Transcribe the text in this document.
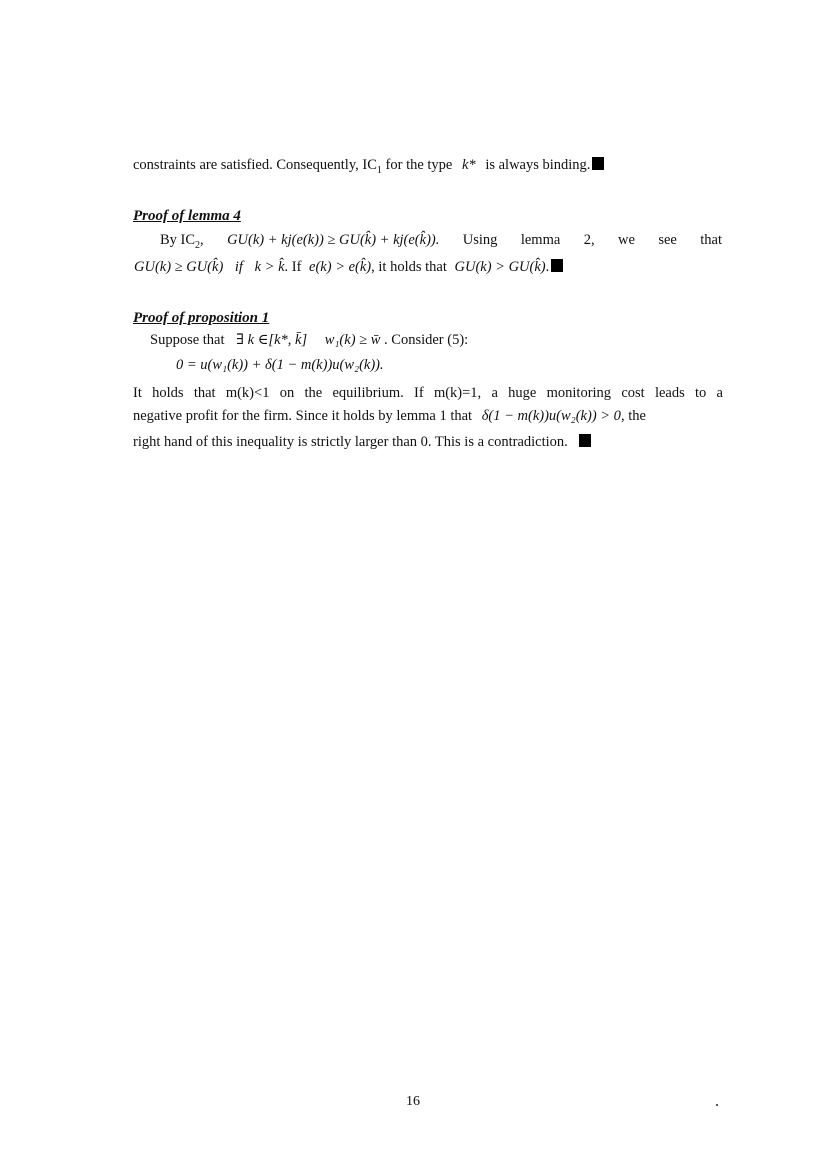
constraints are satisfied. Consequently, $IC_1$ for the type k* is always binding.
Proof of lemma 4
By $IC_2$, GU(k) + kj(e(k)) ≥ GU(k̂) + kj(e(k̂)). Using lemma 2, we see that
GU(k) ≥ GU(k̂) if k > k̂. If e(k) > e(k̂), it holds that GU(k) > GU(k̂).
Proof of proposition 1
Suppose that ∃ k ∈[k*, k̄] w₁(k) ≥ w̄ . Consider (5):
0 = u(w₁(k)) + δ(1 − m(k))u(w₂(k)).
It holds that m(k)<1 on the equilibrium. If m(k)=1, a huge monitoring cost leads to a
negative profit for the firm. Since it holds by lemma 1 that δ(1 − m(k))u(w₂(k)) > 0, the
right hand of this inequality is strictly larger than 0. This is a contradiction.
16
